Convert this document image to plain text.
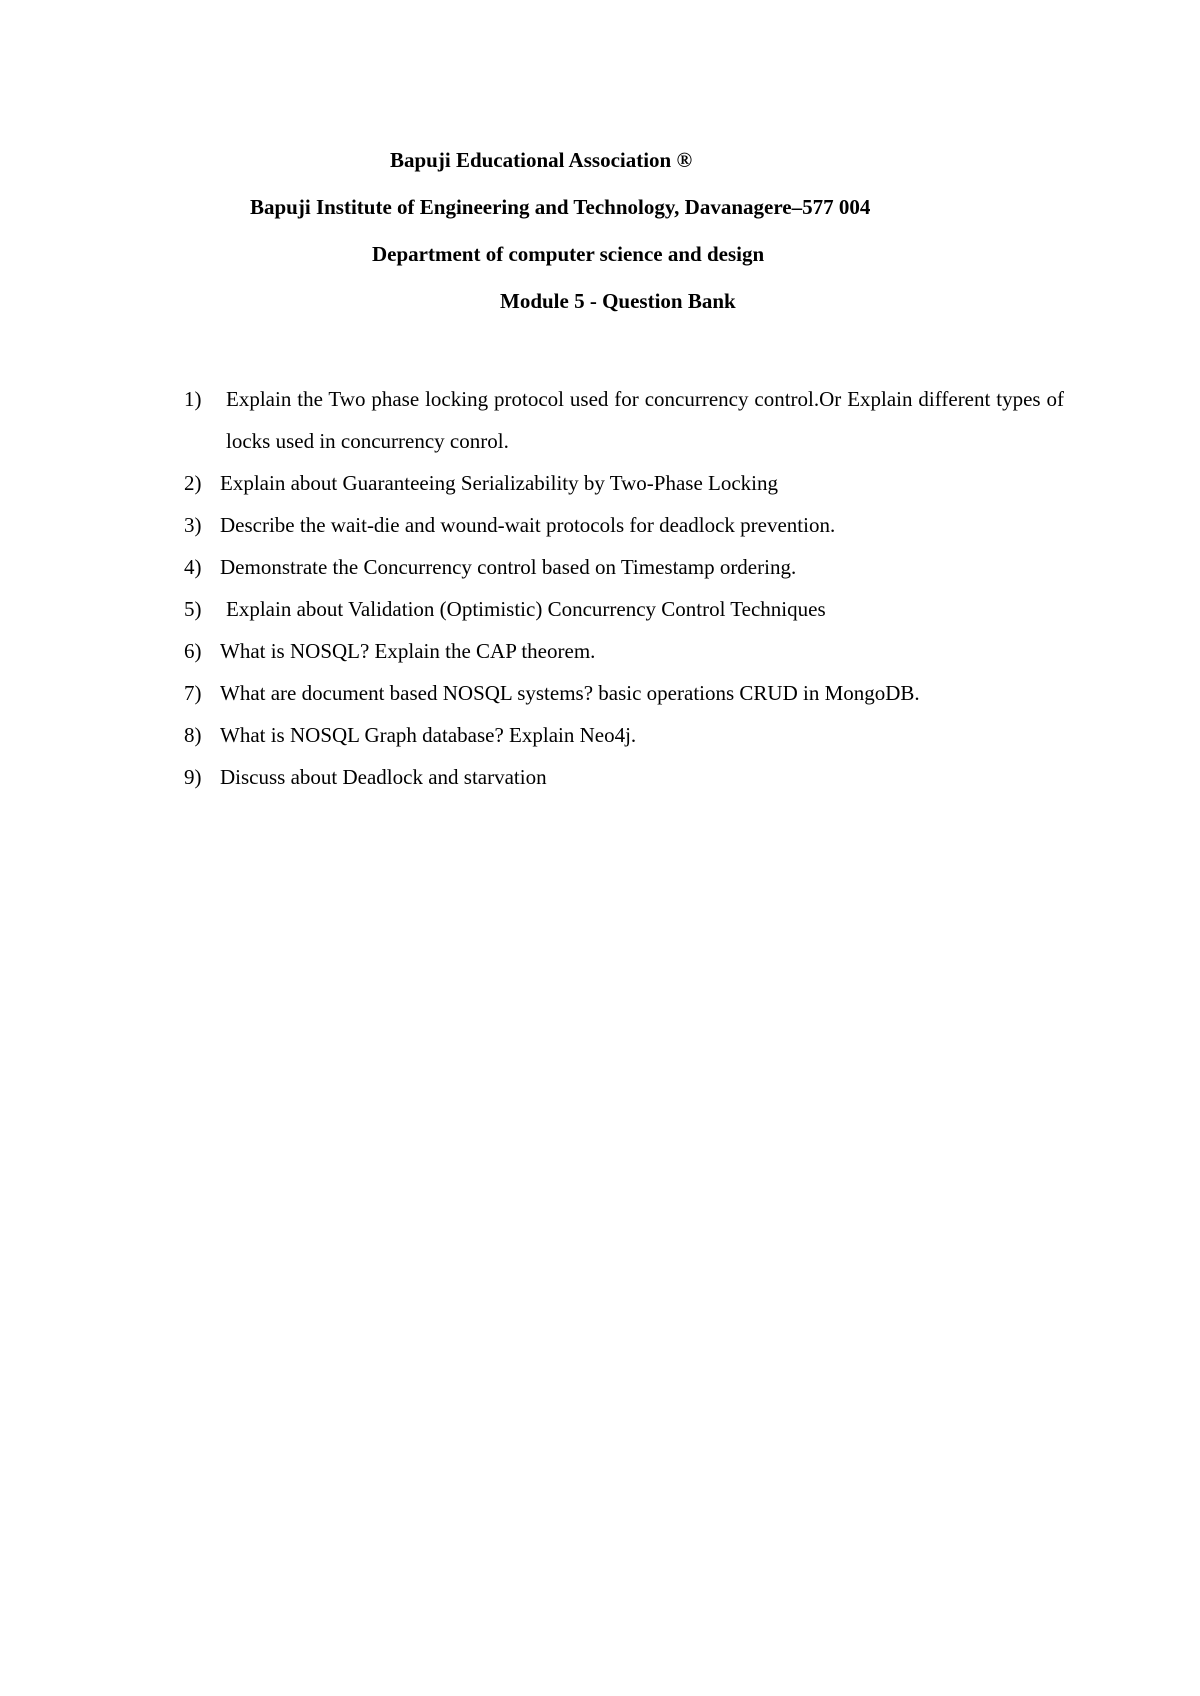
Bapuji Educational Association ®
Bapuji Institute of Engineering and Technology, Davanagere–577 004
Department of computer science and design
Module 5 - Question Bank
1) Explain the Two phase locking protocol used for concurrency control.Or Explain different types of locks used in concurrency conrol.
2) Explain about Guaranteeing Serializability by Two-Phase Locking
3) Describe the wait-die and wound-wait protocols for deadlock prevention.
4) Demonstrate the Concurrency control based on Timestamp ordering.
5) Explain about Validation (Optimistic) Concurrency Control Techniques
6) What is NOSQL? Explain the CAP theorem.
7) What are document based NOSQL systems? basic operations CRUD in MongoDB.
8) What is NOSQL Graph database? Explain Neo4j.
9) Discuss about Deadlock and starvation
